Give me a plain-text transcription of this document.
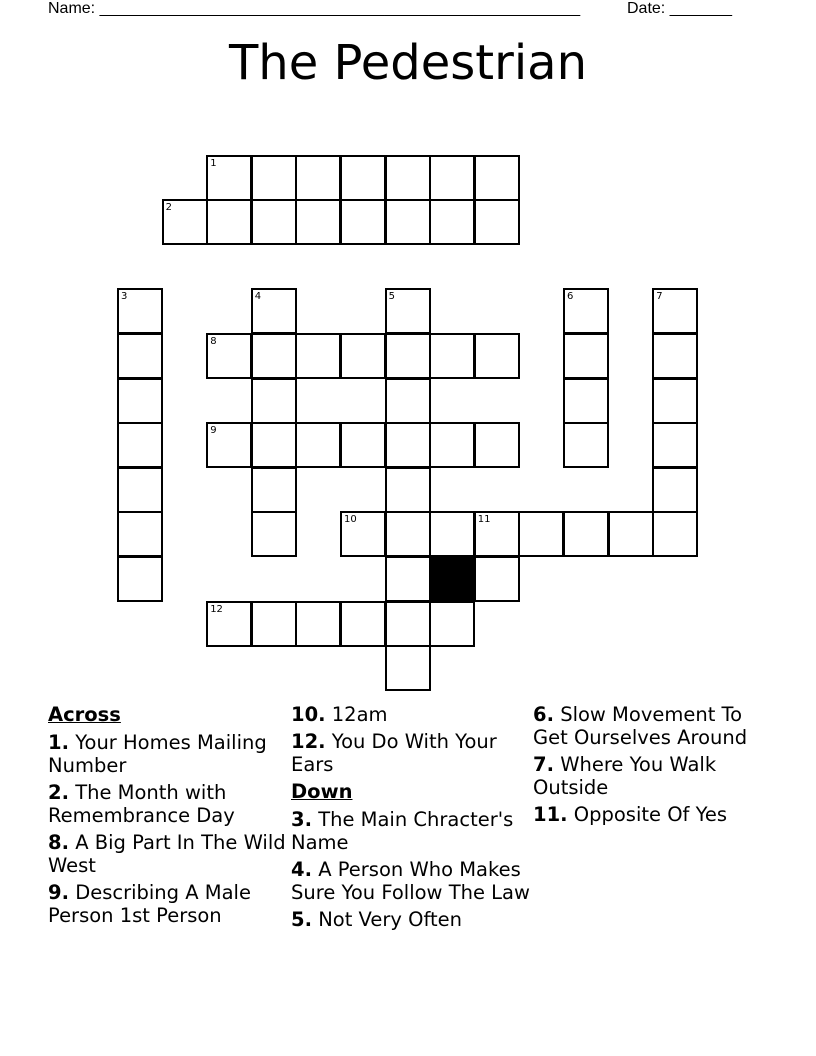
Name: ______________________________________________________	Date: _______
The Pedestrian
1
2
3	4	5	6	7
8
9
10	11
12
Across
1. Your Homes Mailing Number
2. The Month with Remembrance Day
8. A Big Part In The Wild West
9. Describing A Male Person 1st Person
10. 12am
12. You Do With Your Ears
Down
3. The Main Chracter's Name
4. A Person Who Makes Sure You Follow The Law
5. Not Very Often
6. Slow Movement To Get Ourselves Around
7. Where You Walk Outside
11. Opposite Of Yes
